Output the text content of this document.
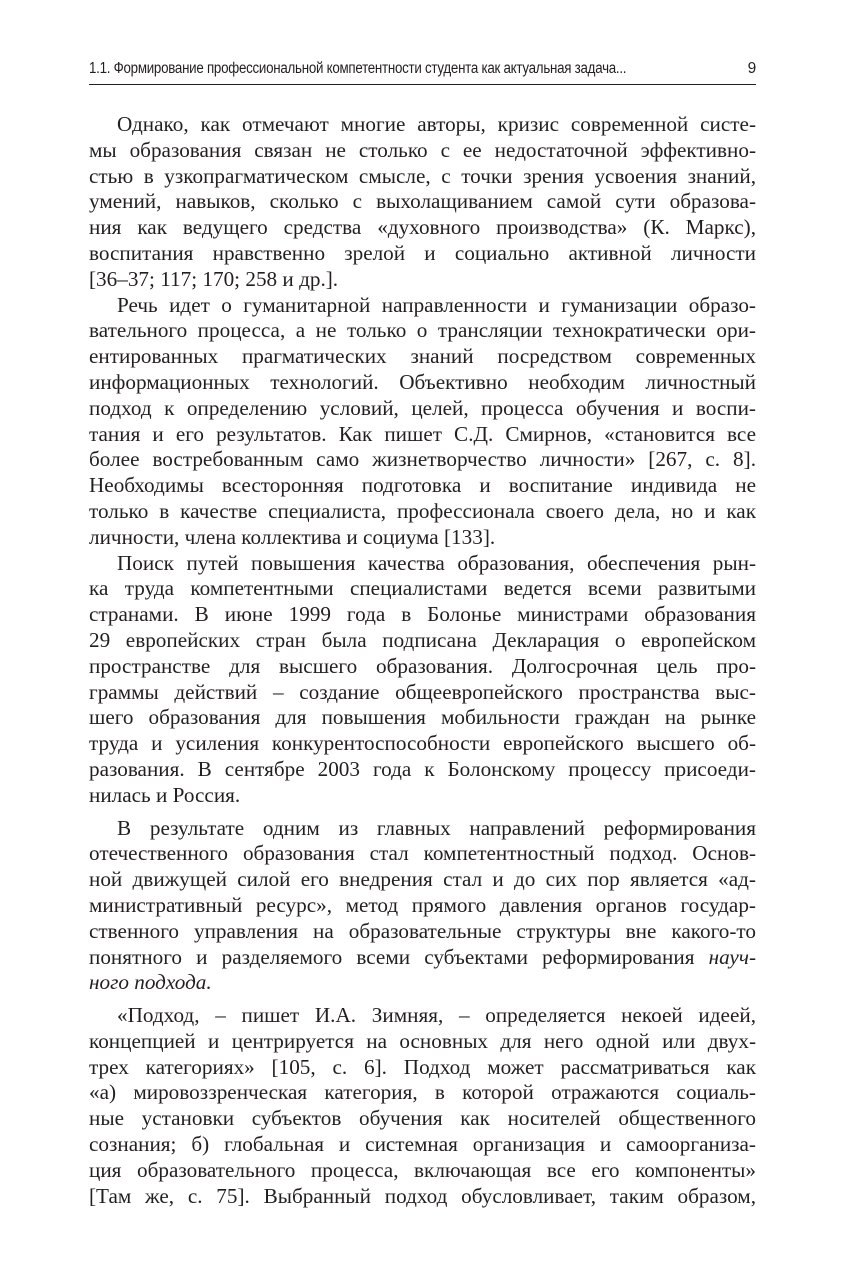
1.1. Формирование профессиональной компетентности студента как актуальная задача...	9
Однако, как отмечают многие авторы, кризис современной систе-
мы образования связан не столько с ее недостаточной эффективно-
стью в узкопрагматическом смысле, с точки зрения усвоения знаний,
умений, навыков, сколько с выхолащиванием самой сути образова-
ния как ведущего средства «духовного производства» (К. Маркс),
воспитания нравственно зрелой и социально активной личности
[36–37; 117; 170; 258 и др.].
Речь идет о гуманитарной направленности и гуманизации образо-
вательного процесса, а не только о трансляции технократически ори-
ентированных прагматических знаний посредством современных
информационных технологий. Объективно необходим личностный
подход к определению условий, целей, процесса обучения и воспи-
тания и его результатов. Как пишет С.Д. Смирнов, «становится все
более востребованным само жизнетворчество личности» [267, с. 8].
Необходимы всесторонняя подготовка и воспитание индивида не
только в качестве специалиста, профессионала своего дела, но и как
личности, члена коллектива и социума [133].
Поиск путей повышения качества образования, обеспечения рын-
ка труда компетентными специалистами ведется всеми развитыми
странами. В июне 1999 года в Болонье министрами образования
29 европейских стран была подписана Декларация о европейском
пространстве для высшего образования. Долгосрочная цель про-
граммы действий – создание общеевропейского пространства выс-
шего образования для повышения мобильности граждан на рынке
труда и усиления конкурентоспособности европейского высшего об-
разования. В сентябре 2003 года к Болонскому процессу присоеди-
нилась и Россия.
В результате одним из главных направлений реформирования
отечественного образования стал компетентностный подход. Основ-
ной движущей силой его внедрения стал и до сих пор является «ад-
министративный ресурс», метод прямого давления органов государ-
ственного управления на образовательные структуры вне какого-то
понятного и разделяемого всеми субъектами реформирования науч-
ного подхода.
«Подход, – пишет И.А. Зимняя, – определяется некоей идеей,
концепцией и центрируется на основных для него одной или двух-
трех категориях» [105, с. 6]. Подход может рассматриваться как
«а) мировоззренческая категория, в которой отражаются социаль-
ные установки субъектов обучения как носителей общественного
сознания; б) глобальная и системная организация и самоорганиза-
ция образовательного процесса, включающая все его компоненты»
[Там же, с. 75]. Выбранный подход обусловливает, таким образом,
